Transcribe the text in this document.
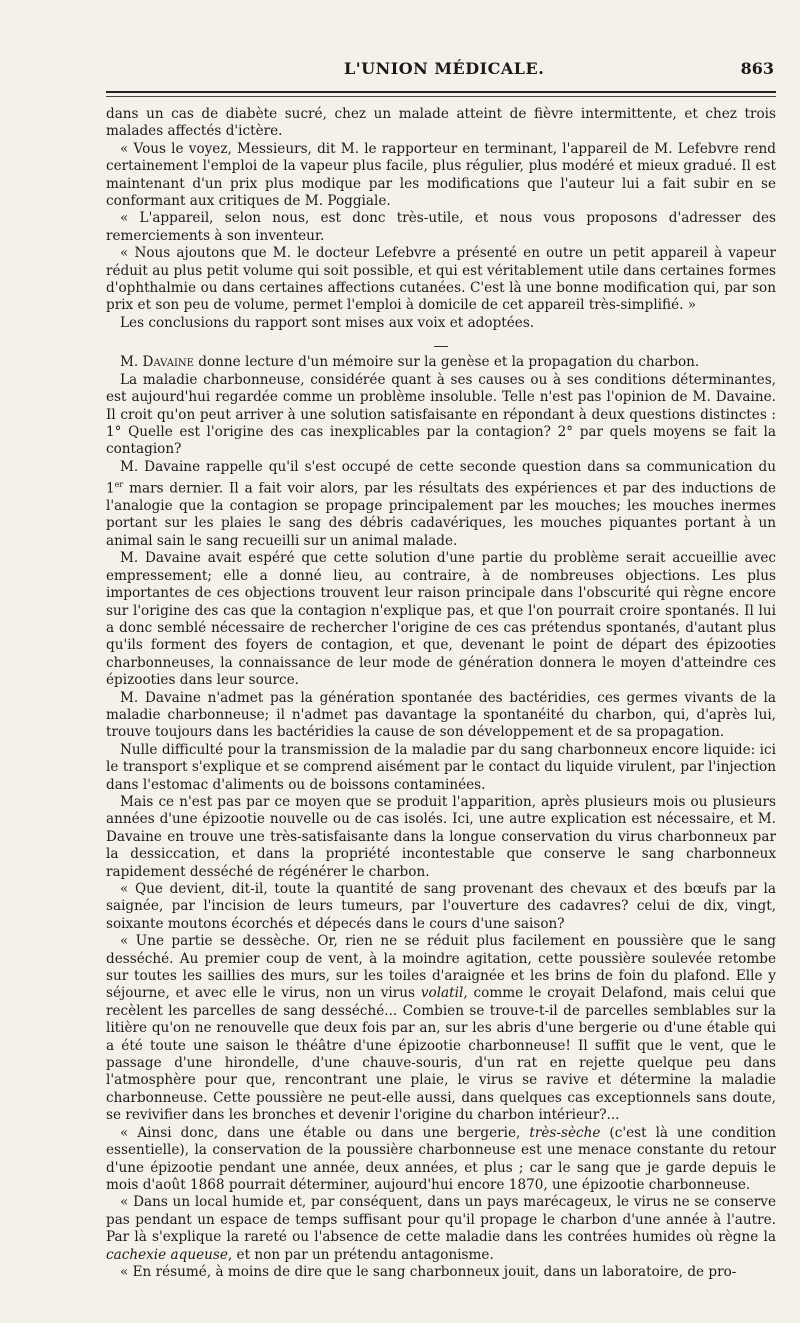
L'UNION MÉDICALE.	863

dans un cas de diabète sucré, chez un malade atteint de fièvre intermittente, et chez trois malades affectés d'ictère.

« Vous le voyez, Messieurs, dit M. le rapporteur en terminant, l'appareil de M. Lefebvre rend certainement l'emploi de la vapeur plus facile, plus régulier, plus modéré et mieux gradué. Il est maintenant d'un prix plus modique par les modifications que l'auteur lui a fait subir en se conformant aux critiques de M. Poggiale.

« L'appareil, selon nous, est donc très-utile, et nous vous proposons d'adresser des remerciements à son inventeur.

« Nous ajoutons que M. le docteur Lefebvre a présenté en outre un petit appareil à vapeur réduit au plus petit volume qui soit possible, et qui est véritablement utile dans certaines formes d'ophthalmie ou dans certaines affections cutanées. C'est là une bonne modification qui, par son prix et son peu de volume, permet l'emploi à domicile de cet appareil très-simplifié. »

Les conclusions du rapport sont mises aux voix et adoptées.

M. Davaine donne lecture d'un mémoire sur la genèse et la propagation du charbon.

La maladie charbonneuse, considérée quant à ses causes ou à ses conditions déterminantes, est aujourd'hui regardée comme un problème insoluble. Telle n'est pas l'opinion de M. Davaine. Il croit qu'on peut arriver à une solution satisfaisante en répondant à deux questions distinctes : 1° Quelle est l'origine des cas inexplicables par la contagion? 2° par quels moyens se fait la contagion?

M. Davaine rappelle qu'il s'est occupé de cette seconde question dans sa communication du 1er mars dernier. Il a fait voir alors, par les résultats des expériences et par des inductions de l'analogie que la contagion se propage principalement par les mouches; les mouches inermes portant sur les plaies le sang des débris cadavériques, les mouches piquantes portant à un animal sain le sang recueilli sur un animal malade.

M. Davaine avait espéré que cette solution d'une partie du problème serait accueillie avec empressement; elle a donné lieu, au contraire, à de nombreuses objections. Les plus importantes de ces objections trouvent leur raison principale dans l'obscurité qui règne encore sur l'origine des cas que la contagion n'explique pas, et que l'on pourrait croire spontanés. Il lui a donc semblé nécessaire de rechercher l'origine de ces cas prétendus spontanés, d'autant plus qu'ils forment des foyers de contagion, et que, devenant le point de départ des épizooties charbonneuses, la connaissance de leur mode de génération donnera le moyen d'atteindre ces épizooties dans leur source.

M. Davaine n'admet pas la génération spontanée des bactéridies, ces germes vivants de la maladie charbonneuse; il n'admet pas davantage la spontanéité du charbon, qui, d'après lui, trouve toujours dans les bactéridies la cause de son développement et de sa propagation.

Nulle difficulté pour la transmission de la maladie par du sang charbonneux encore liquide: ici le transport s'explique et se comprend aisément par le contact du liquide virulent, par l'injection dans l'estomac d'aliments ou de boissons contaminées.

Mais ce n'est pas par ce moyen que se produit l'apparition, après plusieurs mois ou plusieurs années d'une épizootie nouvelle ou de cas isolés. Ici, une autre explication est nécessaire, et M. Davaine en trouve une très-satisfaisante dans la longue conservation du virus charbonneux par la dessiccation, et dans la propriété incontestable que conserve le sang charbonneux rapidement desséché de régénérer le charbon.

« Que devient, dit-il, toute la quantité de sang provenant des chevaux et des bœufs par la saignée, par l'incision de leurs tumeurs, par l'ouverture des cadavres? celui de dix, vingt, soixante moutons écorchés et dépecés dans le cours d'une saison?

« Une partie se dessèche. Or, rien ne se réduit plus facilement en poussière que le sang desséché. Au premier coup de vent, à la moindre agitation, cette poussière soulevée retombe sur toutes les saillies des murs, sur les toiles d'araignée et les brins de foin du plafond. Elle y séjourne, et avec elle le virus, non un virus volatil, comme le croyait Delafond, mais celui que recèlent les parcelles de sang desséché... Combien se trouve-t-il de parcelles semblables sur la litière qu'on ne renouvelle que deux fois par an, sur les abris d'une bergerie ou d'une étable qui a été toute une saison le théâtre d'une épizootie charbonneuse! Il suffit que le vent, que le passage d'une hirondelle, d'une chauve-souris, d'un rat en rejette quelque peu dans l'atmosphère pour que, rencontrant une plaie, le virus se ravive et détermine la maladie charbonneuse. Cette poussière ne peut-elle aussi, dans quelques cas exceptionnels sans doute, se revivifier dans les bronches et devenir l'origine du charbon intérieur?...

« Ainsi donc, dans une étable ou dans une bergerie, très-sèche (c'est là une condition essentielle), la conservation de la poussière charbonneuse est une menace constante du retour d'une épizootie pendant une année, deux années, et plus ; car le sang que je garde depuis le mois d'août 1868 pourrait déterminer, aujourd'hui encore 1870, une épizootie charbonneuse.

« Dans un local humide et, par conséquent, dans un pays marécageux, le virus ne se conserve pas pendant un espace de temps suffisant pour qu'il propage le charbon d'une année à l'autre. Par là s'explique la rareté ou l'absence de cette maladie dans les contrées humides où règne la cachexie aqueuse, et non par un prétendu antagonisme.

« En résumé, à moins de dire que le sang charbonneux jouit, dans un laboratoire, de pro-
